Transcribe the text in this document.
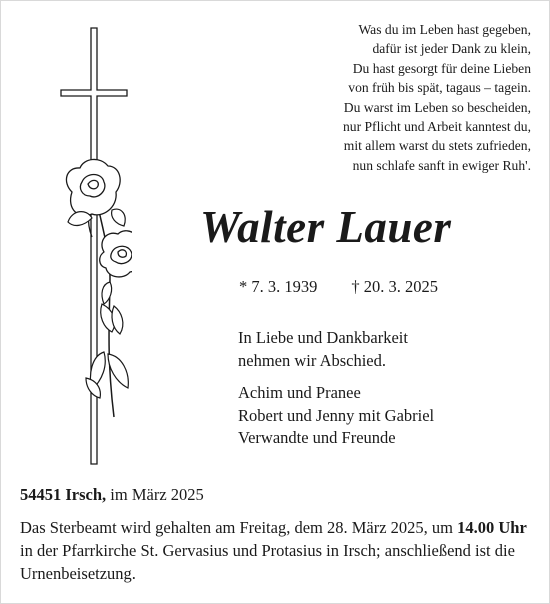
Was du im Leben hast gegeben,
dafür ist jeder Dank zu klein,
Du hast gesorgt für deine Lieben
von früh bis spät, tagaus – tagein.
Du warst im Leben so bescheiden,
nur Pflicht und Arbeit kanntest du,
mit allem warst du stets zufrieden,
nun schlafe sanft in ewiger Ruh'.
Walter Lauer
* 7. 3. 1939 † 20. 3. 2025
In Liebe und Dankbarkeit
nehmen wir Abschied.
Achim und Pranee
Robert und Jenny mit Gabriel
Verwandte und Freunde
54451 Irsch, im März 2025
Das Sterbeamt wird gehalten am Freitag, dem 28. März 2025, um 14.00 Uhr in der Pfarrkirche St. Gervasius und Protasius in Irsch; anschließend ist die Urnenbeisetzung.
